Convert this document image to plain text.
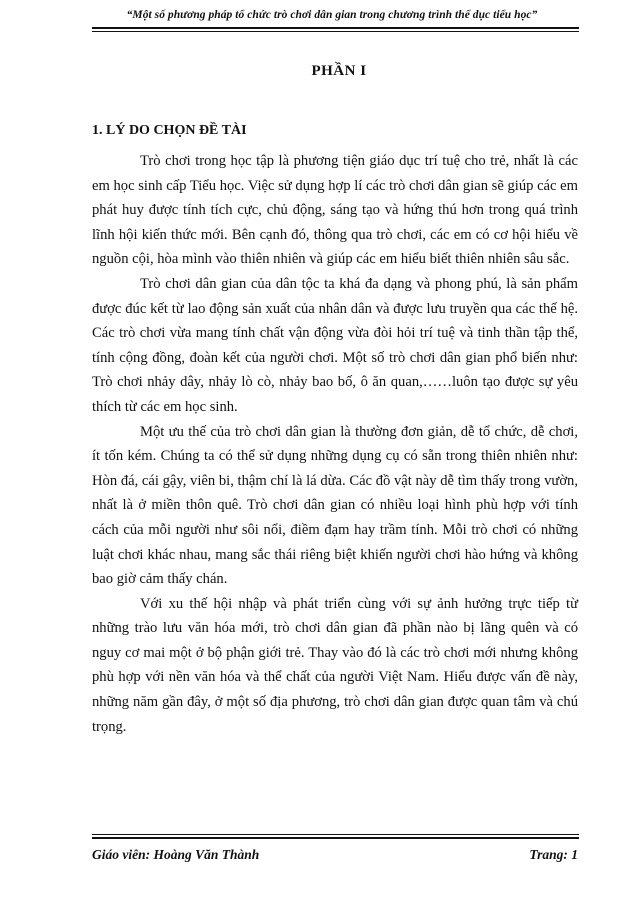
“Một số phương pháp tổ chức trò chơi dân gian trong chương trình thể dục tiểu học”
PHẦN I
1. LÝ DO CHỌN ĐỀ TÀI

Trò chơi trong học tập là phương tiện giáo dục trí tuệ cho trẻ, nhất là các em học sinh cấp Tiểu học. Việc sử dụng hợp lí các trò chơi dân gian sẽ giúp các em phát huy được tính tích cực, chủ động, sáng tạo và hứng thú hơn trong quá trình lĩnh hội kiến thức mới. Bên cạnh đó, thông qua trò chơi, các em có cơ hội hiểu về nguồn cội, hòa mình vào thiên nhiên và giúp các em hiểu biết thiên nhiên sâu sắc.

Trò chơi dân gian của dân tộc ta khá đa dạng và phong phú, là sản phẩm được đúc kết từ lao động sản xuất của nhân dân và được lưu truyền qua các thế hệ. Các trò chơi vừa mang tính chất vận động vừa đòi hỏi trí tuệ và tinh thần tập thể, tính cộng đồng, đoàn kết của người chơi. Một số trò chơi dân gian phổ biến như: Trò chơi nhảy dây, nhảy lò cò, nhảy bao bố, ô ăn quan,……luôn tạo được sự yêu thích từ các em học sinh.

Một ưu thế của trò chơi dân gian là thường đơn giản, dễ tổ chức, dễ chơi, ít tốn kém. Chúng ta có thể sử dụng những dụng cụ có sẵn trong thiên nhiên như: Hòn đá, cái gậy, viên bi, thậm chí là lá dừa. Các đồ vật này dễ tìm thấy trong vườn, nhất là ở miền thôn quê. Trò chơi dân gian có nhiều loại hình phù hợp với tính cách của mỗi người như sôi nổi, điềm đạm hay trầm tính. Mỗi trò chơi có những luật chơi khác nhau, mang sắc thái riêng biệt khiến người chơi hào hứng và không bao giờ cảm thấy chán.

Với xu thế hội nhập và phát triển cùng với sự ảnh hưởng trực tiếp từ những trào lưu văn hóa mới, trò chơi dân gian đã phần nào bị lãng quên và có nguy cơ mai một ở bộ phận giới trẻ. Thay vào đó là các trò chơi mới nhưng không phù hợp với nền văn hóa và thể chất của người Việt Nam. Hiểu được vấn đề này, những năm gần đây, ở một số địa phương, trò chơi dân gian được quan tâm và chú trọng.

Giáo viên: Hoàng Văn Thành	Trang: 1
